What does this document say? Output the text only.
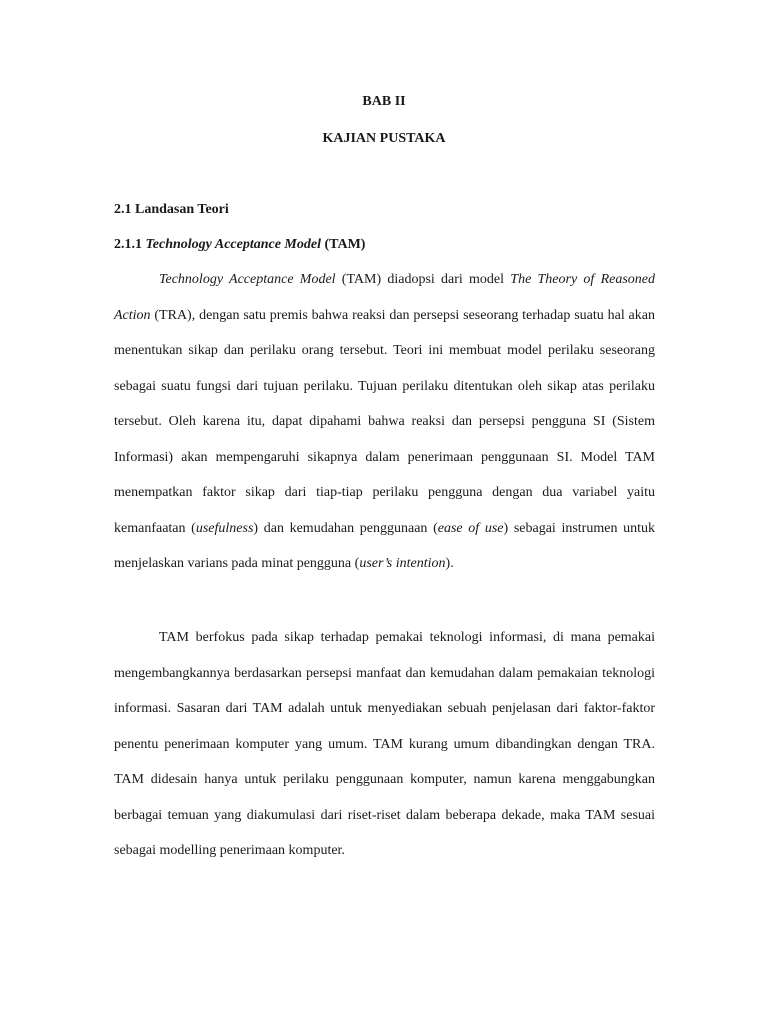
BAB II
KAJIAN PUSTAKA
2.1 Landasan Teori
2.1.1 Technology Acceptance Model (TAM)

Technology Acceptance Model (TAM) diadopsi dari model The Theory of Reasoned Action (TRA), dengan satu premis bahwa reaksi dan persepsi seseorang terhadap suatu hal akan menentukan sikap dan perilaku orang tersebut. Teori ini membuat model perilaku seseorang sebagai suatu fungsi dari tujuan perilaku. Tujuan perilaku ditentukan oleh sikap atas perilaku tersebut. Oleh karena itu, dapat dipahami bahwa reaksi dan persepsi pengguna SI (Sistem Informasi) akan mempengaruhi sikapnya dalam penerimaan penggunaan SI. Model TAM menempatkan faktor sikap dari tiap-tiap perilaku pengguna dengan dua variabel yaitu kemanfaatan (usefulness) dan kemudahan penggunaan (ease of use) sebagai instrumen untuk menjelaskan varians pada minat pengguna (user’s intention).

TAM berfokus pada sikap terhadap pemakai teknologi informasi, di mana pemakai mengembangkannya berdasarkan persepsi manfaat dan kemudahan dalam pemakaian teknologi informasi. Sasaran dari TAM adalah untuk menyediakan sebuah penjelasan dari faktor-faktor penentu penerimaan komputer yang umum. TAM kurang umum dibandingkan dengan TRA. TAM didesain hanya untuk perilaku penggunaan komputer, namun karena menggabungkan berbagai temuan yang diakumulasi dari riset-riset dalam beberapa dekade, maka TAM sesuai sebagai modelling penerimaan komputer.
